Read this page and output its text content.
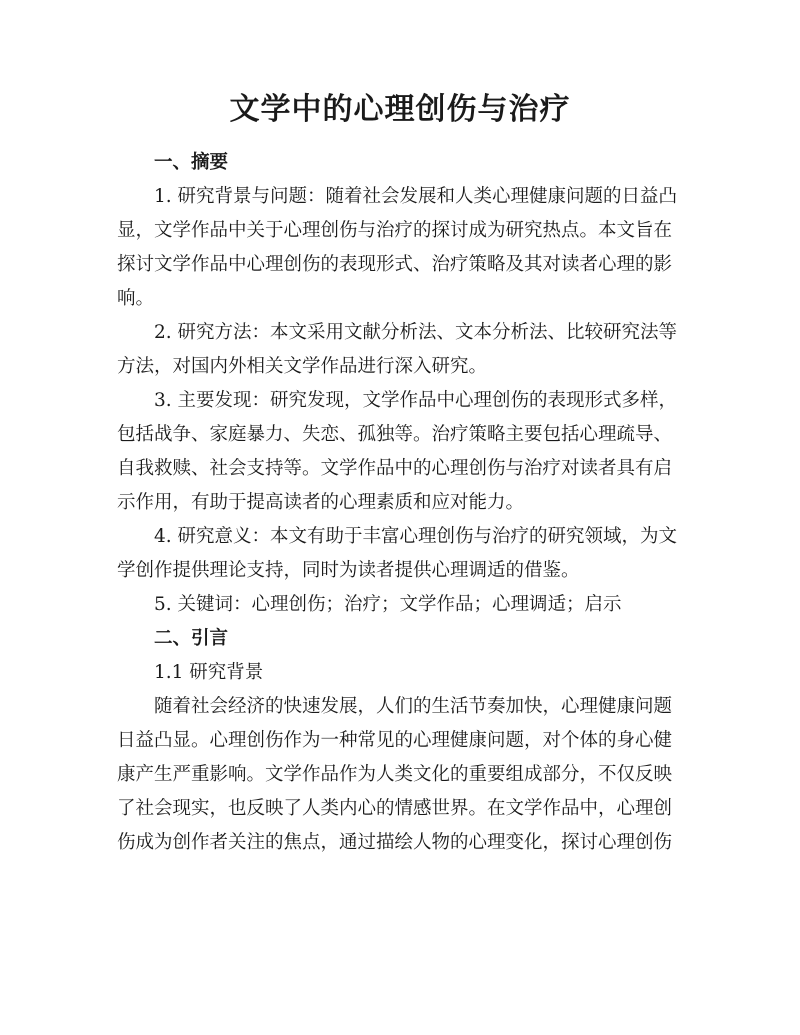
文学中的心理创伤与治疗
一、摘要
1. 研究背景与问题：随着社会发展和人类心理健康问题的日益凸
显，文学作品中关于心理创伤与治疗的探讨成为研究热点。本文旨在
探讨文学作品中心理创伤的表现形式、治疗策略及其对读者心理的影
响。
2. 研究方法：本文采用文献分析法、文本分析法、比较研究法等
方法，对国内外相关文学作品进行深入研究。
3. 主要发现：研究发现，文学作品中心理创伤的表现形式多样，
包括战争、家庭暴力、失恋、孤独等。治疗策略主要包括心理疏导、
自我救赎、社会支持等。文学作品中的心理创伤与治疗对读者具有启
示作用，有助于提高读者的心理素质和应对能力。
4. 研究意义：本文有助于丰富心理创伤与治疗的研究领域，为文
学创作提供理论支持，同时为读者提供心理调适的借鉴。
5. 关键词：心理创伤；治疗；文学作品；心理调适；启示
二、引言
1.1 研究背景
随着社会经济的快速发展，人们的生活节奏加快，心理健康问题
日益凸显。心理创伤作为一种常见的心理健康问题，对个体的身心健
康产生严重影响。文学作品作为人类文化的重要组成部分，不仅反映
了社会现实，也反映了人类内心的情感世界。在文学作品中，心理创
伤成为创作者关注的焦点，通过描绘人物的心理变化，探讨心理创伤
